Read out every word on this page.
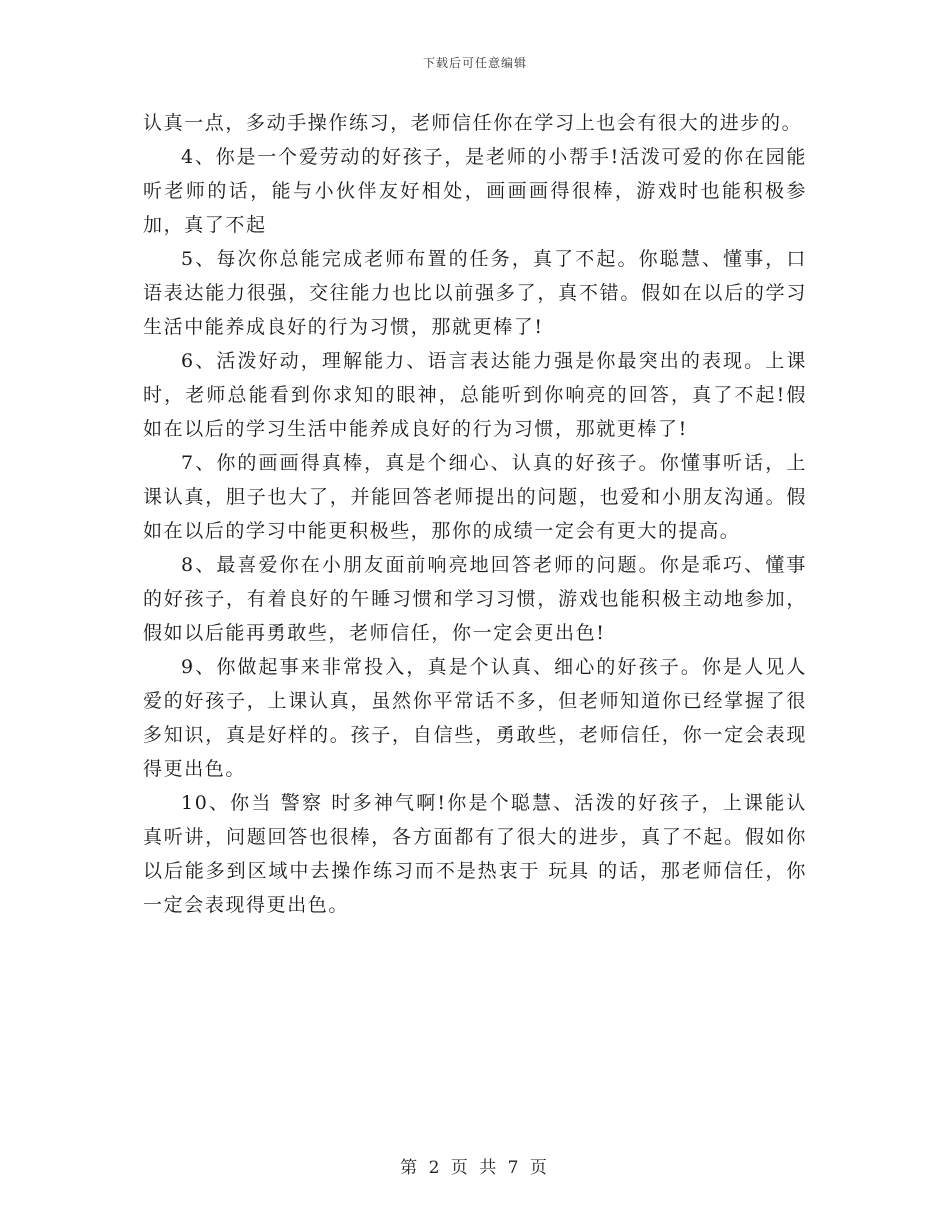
下载后可任意编辑

认真一点，多动手操作练习，老师信任你在学习上也会有很大的进步的。

4、你是一个爱劳动的好孩子，是老师的小帮手!活泼可爱的你在园能听老师的话，能与小伙伴友好相处，画画画得很棒，游戏时也能积极参加，真了不起

5、每次你总能完成老师布置的任务，真了不起。你聪慧、懂事，口语表达能力很强，交往能力也比以前强多了，真不错。假如在以后的学习生活中能养成良好的行为习惯，那就更棒了!

6、活泼好动，理解能力、语言表达能力强是你最突出的表现。上课时，老师总能看到你求知的眼神，总能听到你响亮的回答，真了不起!假如在以后的学习生活中能养成良好的行为习惯，那就更棒了!

7、你的画画得真棒，真是个细心、认真的好孩子。你懂事听话，上课认真，胆子也大了，并能回答老师提出的问题，也爱和小朋友沟通。假如在以后的学习中能更积极些，那你的成绩一定会有更大的提高。

8、最喜爱你在小朋友面前响亮地回答老师的问题。你是乖巧、懂事的好孩子，有着良好的午睡习惯和学习习惯，游戏也能积极主动地参加，假如以后能再勇敢些，老师信任，你一定会更出色!

9、你做起事来非常投入，真是个认真、细心的好孩子。你是人见人爱的好孩子，上课认真，虽然你平常话不多，但老师知道你已经掌握了很多知识，真是好样的。孩子，自信些，勇敢些，老师信任，你一定会表现得更出色。

10、你当 警察 时多神气啊!你是个聪慧、活泼的好孩子，上课能认真听讲，问题回答也很棒，各方面都有了很大的进步，真了不起。假如你以后能多到区域中去操作练习而不是热衷于 玩具 的话，那老师信任，你一定会表现得更出色。

第 2 页 共 7 页
